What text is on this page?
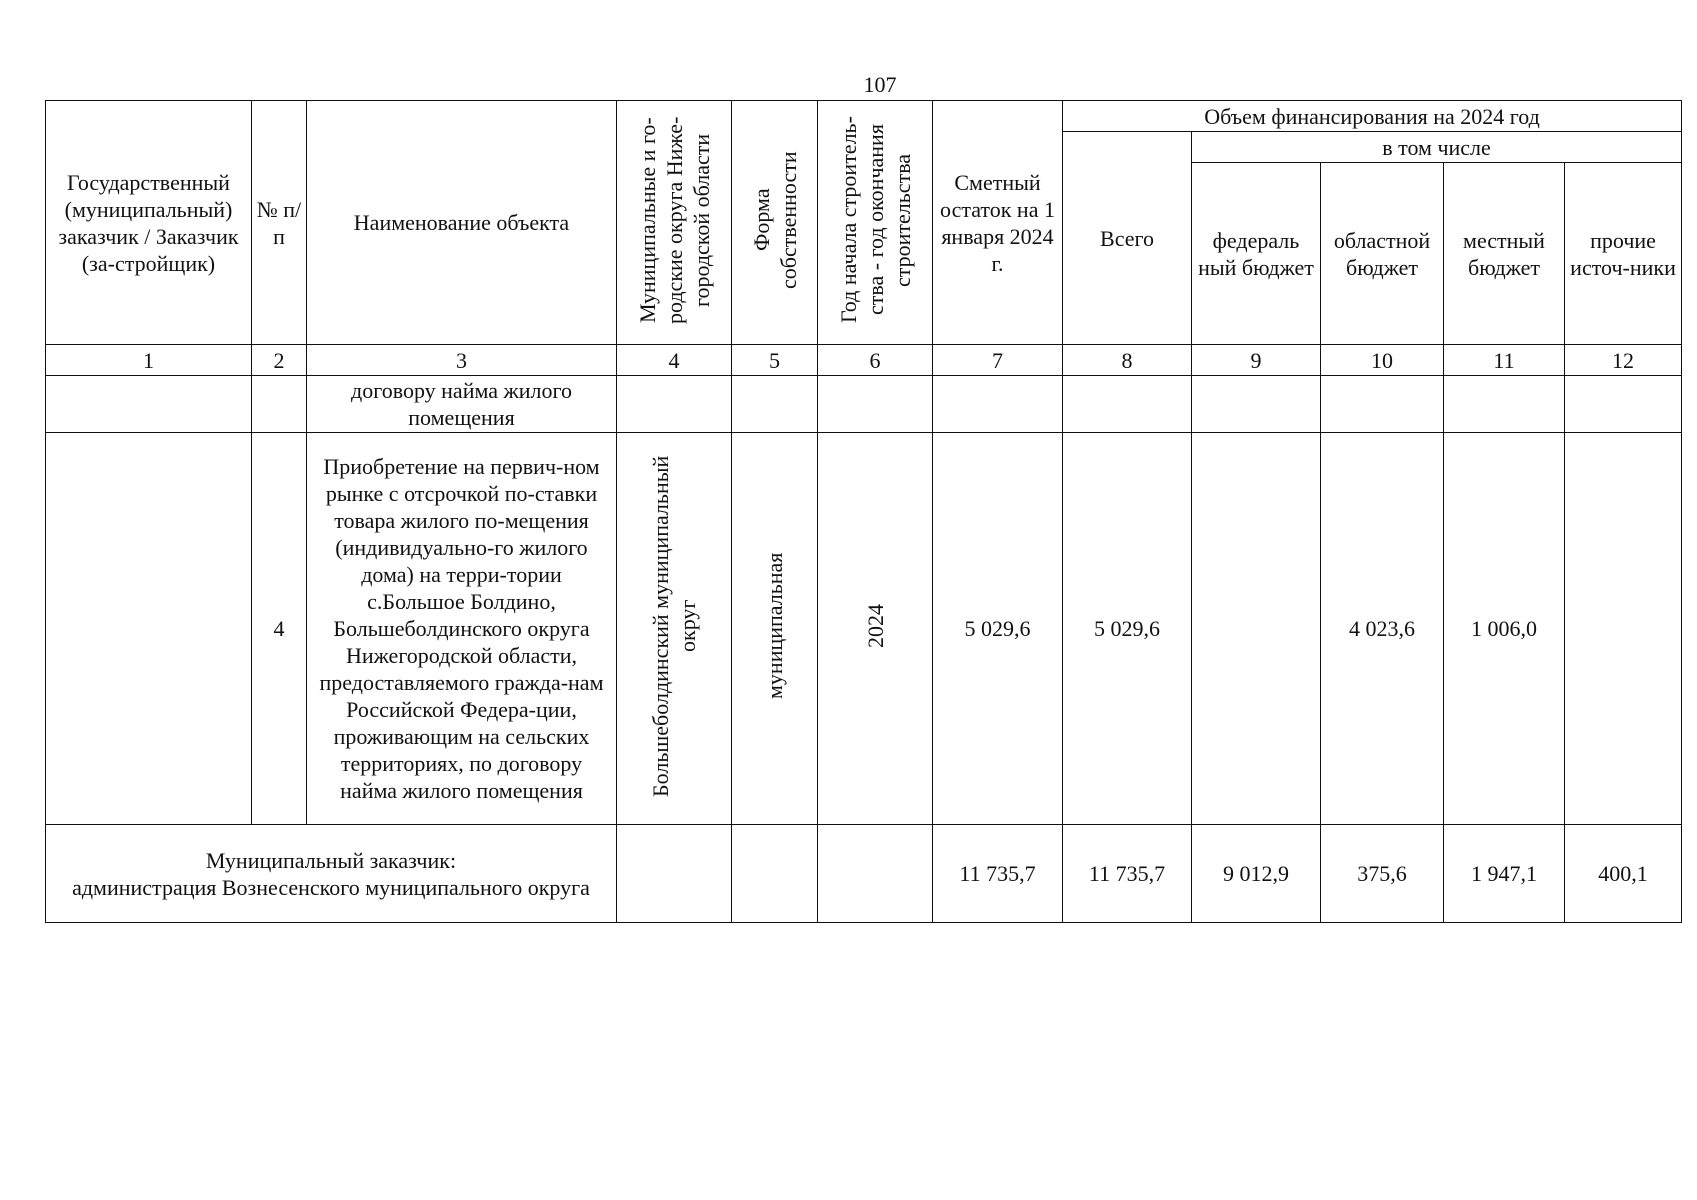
107
Государственный (муниципальный) заказчик / Заказчик (за-стройщик)	№ п/п	Наименование объекта	Муниципальные и го-родские округа Ниже-городской области	Форма собственности	Год начала строитель-ства - год окончания строительства	Сметный остаток на 1 января 2024 г.	Объем финансирования на 2024 год				
							Всего	в том числе			
								федераль ный бюджет	областной бюджет	местный бюджет	прочие источ-ники
1	2	3	4	5	6	7	8	9	10	11	12
		договору найма жилого помещения									
	4	Приобретение на первич-ном рынке с отсрочкой по-ставки товара жилого по-мещения (индивидуально-го жилого дома) на терри-тории с.Большое Болдино, Большеболдинского округа Нижегородской области, предоставляемого гражда-нам Российской Федера-ции, проживающим на сельских территориях, по договору найма жилого помещения	Большеболдинский муниципальный округ	муниципальная	2024	5 029,6	5 029,6		4 023,6	1 006,0	

Муниципальный заказчик:
администрация Вознесенского муниципального округа						11 735,7	11 735,7	9 012,9	375,6	1 947,1	400,1
